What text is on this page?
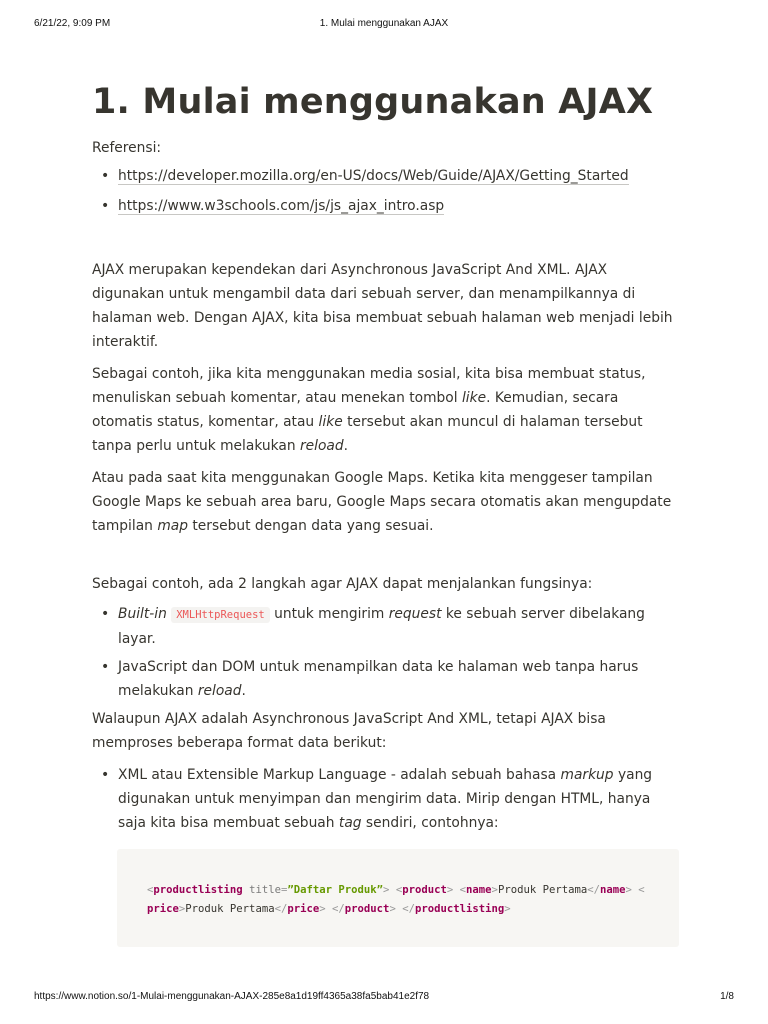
6/21/22, 9:09 PM	1. Mulai menggunakan AJAX
1. Mulai menggunakan AJAX

Referensi:

• https://developer.mozilla.org/en-US/docs/Web/Guide/AJAX/Getting_Started
• https://www.w3schools.com/js/js_ajax_intro.asp

AJAX merupakan kependekan dari Asynchronous JavaScript And XML. AJAX digunakan untuk mengambil data dari sebuah server, dan menampilkannya di halaman web. Dengan AJAX, kita bisa membuat sebuah halaman web menjadi lebih interaktif.

Sebagai contoh, jika kita menggunakan media sosial, kita bisa membuat status, menuliskan sebuah komentar, atau menekan tombol like. Kemudian, secara otomatis status, komentar, atau like tersebut akan muncul di halaman tersebut tanpa perlu untuk melakukan reload.

Atau pada saat kita menggunakan Google Maps. Ketika kita menggeser tampilan Google Maps ke sebuah area baru, Google Maps secara otomatis akan mengupdate tampilan map tersebut dengan data yang sesuai.

Sebagai contoh, ada 2 langkah agar AJAX dapat menjalankan fungsinya:

• Built-in XMLHttpRequest untuk mengirim request ke sebuah server dibelakang layar.
• JavaScript dan DOM untuk menampilkan data ke halaman web tanpa harus melakukan reload.

Walaupun AJAX adalah Asynchronous JavaScript And XML, tetapi AJAX bisa memproses beberapa format data berikut:

• XML atau Extensible Markup Language - adalah sebuah bahasa markup yang digunakan untuk menyimpan dan mengirim data. Mirip dengan HTML, hanya saja kita bisa membuat sebuah tag sendiri, contohnya:
<productlisting title=”Daftar Produk”> <product> <name>Produk Pertama</name> <price>Produk Pertama</price> </product> </productlisting>
https://www.notion.so/1-Mulai-menggunakan-AJAX-285e8a1d19ff4365a38fa5bab41e2f78	1/8
